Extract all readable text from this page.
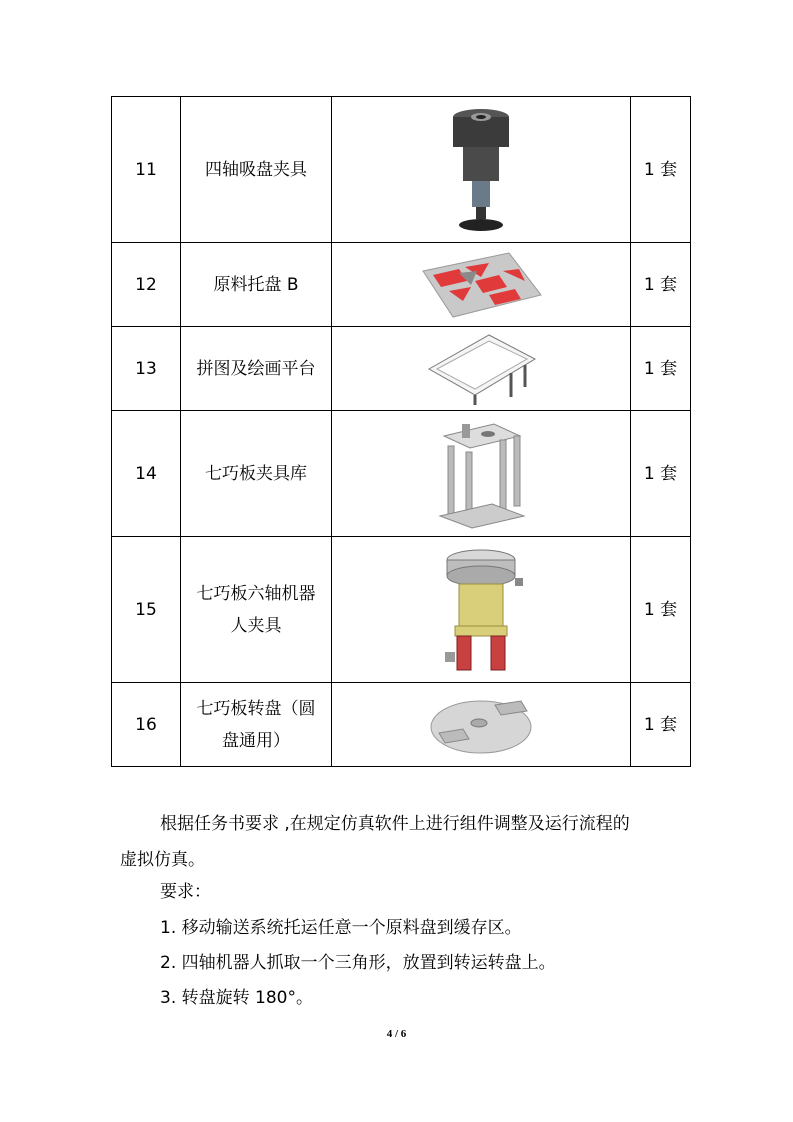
11	四轴吸盘夹具		1 套
12	原料托盘 B		1 套
13	拼图及绘画平台		1 套
14	七巧板夹具库		1 套
15	七巧板六轴机器人夹具		1 套
16	七巧板转盘（圆盘通用）		1 套
根据任务书要求 ,在规定仿真软件上进行组件调整及运行流程的
虚拟仿真。
要求：
1. 移动输送系统托运任意一个原料盘到缓存区。
2. 四轴机器人抓取一个三角形，放置到转运转盘上。
3. 转盘旋转 180°。
4 / 6
